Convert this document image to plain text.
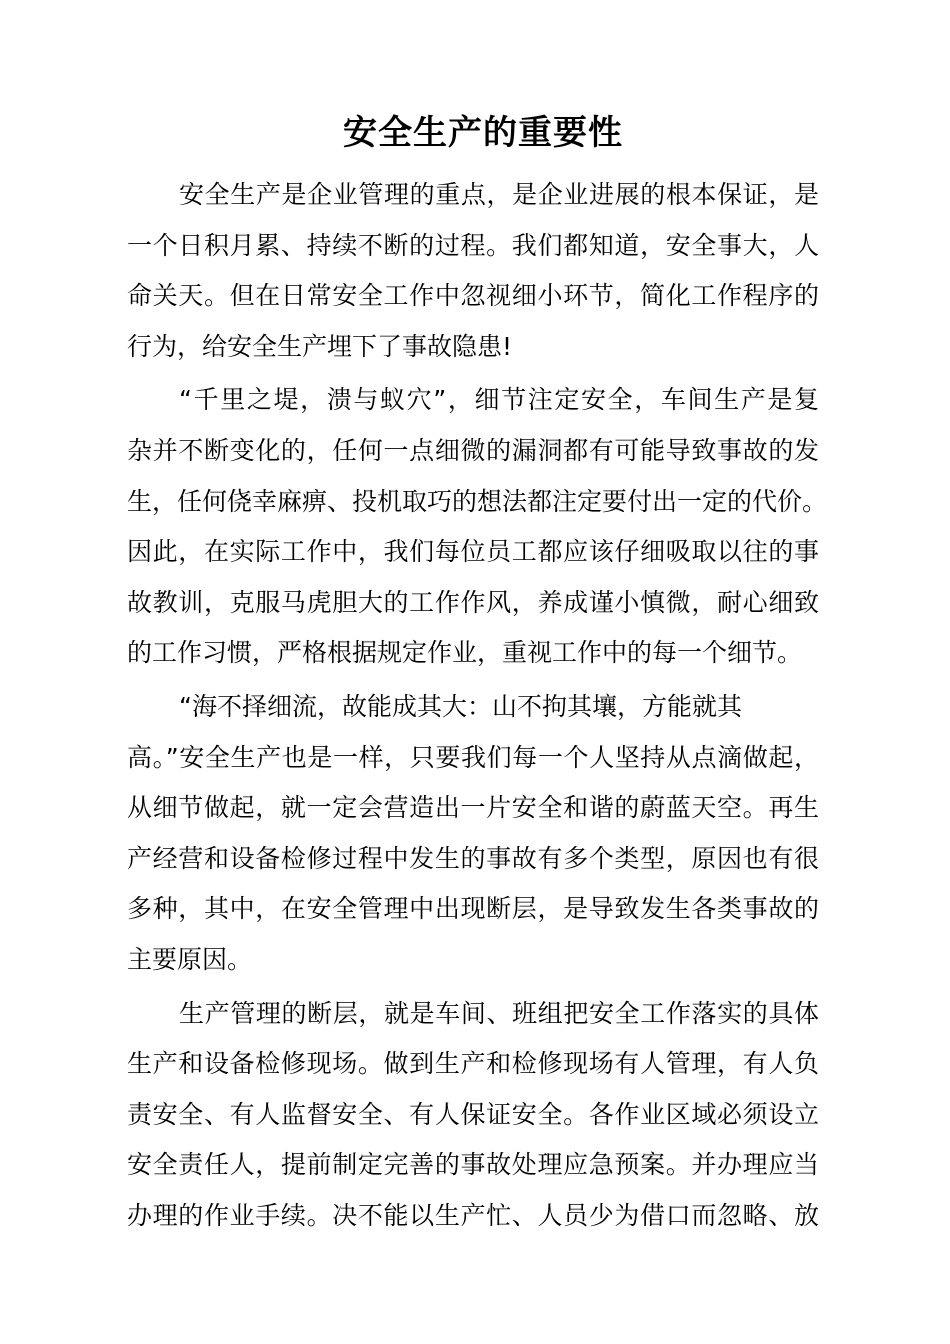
安全生产的重要性
安全生产是企业管理的重点，是企业进展的根本保证，是
一个日积月累、持续不断的过程。我们都知道，安全事大，人
命关天。但在日常安全工作中忽视细小环节，简化工作程序的
行为，给安全生产埋下了事故隐患!
“千里之堤，溃与蚁穴”，细节注定安全，车间生产是复
杂并不断变化的，任何一点细微的漏洞都有可能导致事故的发
生，任何侥幸麻痹、投机取巧的想法都注定要付出一定的代价。
因此，在实际工作中，我们每位员工都应该仔细吸取以往的事
故教训，克服马虎胆大的工作作风，养成谨小慎微，耐心细致
的工作习惯，严格根据规定作业，重视工作中的每一个细节。
“海不择细流，故能成其大：山不拘其壤，方能就其
高。”安全生产也是一样，只要我们每一个人坚持从点滴做起，
从细节做起，就一定会营造出一片安全和谐的蔚蓝天空。再生
产经营和设备检修过程中发生的事故有多个类型，原因也有很
多种，其中，在安全管理中出现断层，是导致发生各类事故的
主要原因。
生产管理的断层，就是车间、班组把安全工作落实的具体
生产和设备检修现场。做到生产和检修现场有人管理，有人负
责安全、有人监督安全、有人保证安全。各作业区域必须设立
安全责任人，提前制定完善的事故处理应急预案。并办理应当
办理的作业手续。决不能以生产忙、人员少为借口而忽略、放
